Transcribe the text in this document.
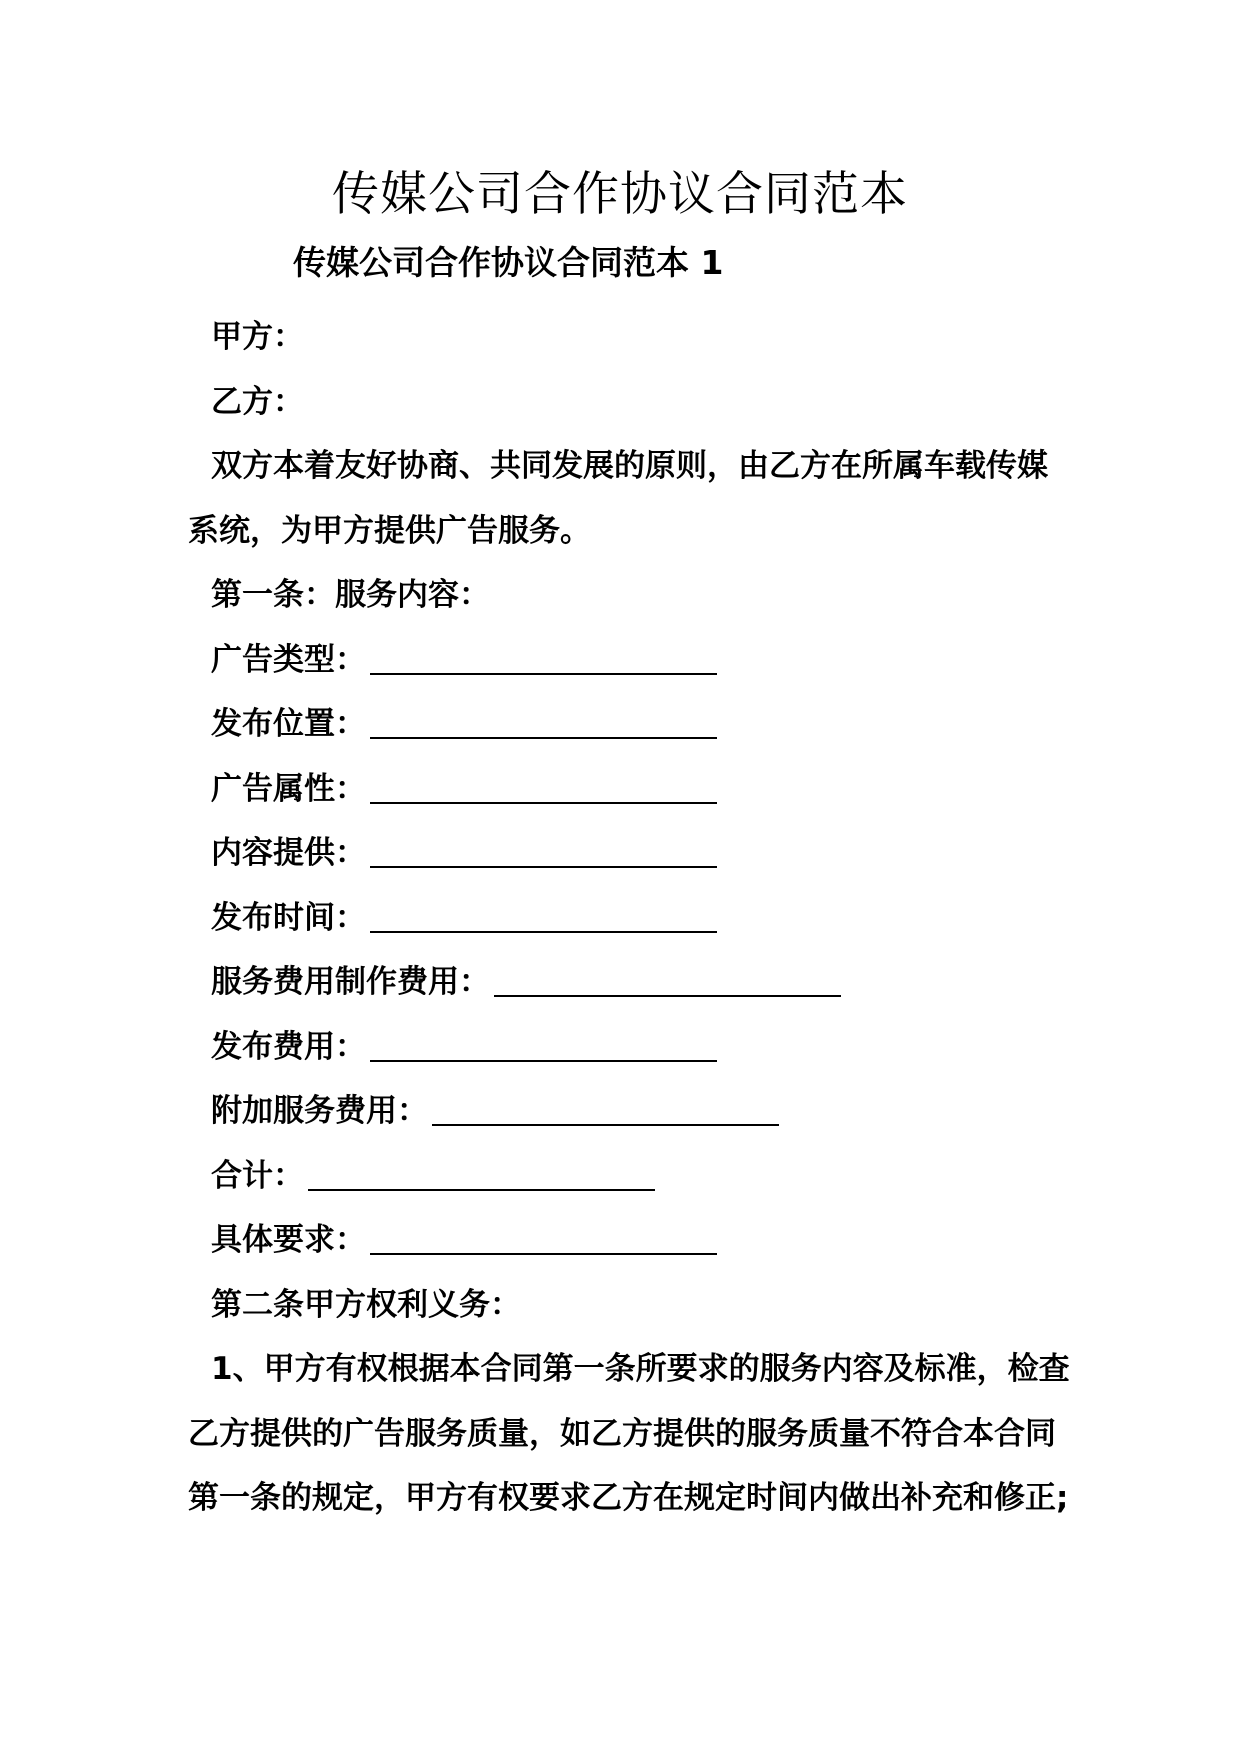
传媒公司合作协议合同范本
传媒公司合作协议合同范本 1
甲方：
乙方：
双方本着友好协商、共同发展的原则，由乙方在所属车载传媒系统，为甲方提供广告服务。
第一条：服务内容：
广告类型：
发布位置：
广告属性：
内容提供：
发布时间：
服务费用制作费用：
发布费用：
附加服务费用：
合计：
具体要求：
第二条甲方权利义务：
1、甲方有权根据本合同第一条所要求的服务内容及标准，检查乙方提供的广告服务质量，如乙方提供的服务质量不符合本合同第一条的规定，甲方有权要求乙方在规定时间内做出补充和修正;
